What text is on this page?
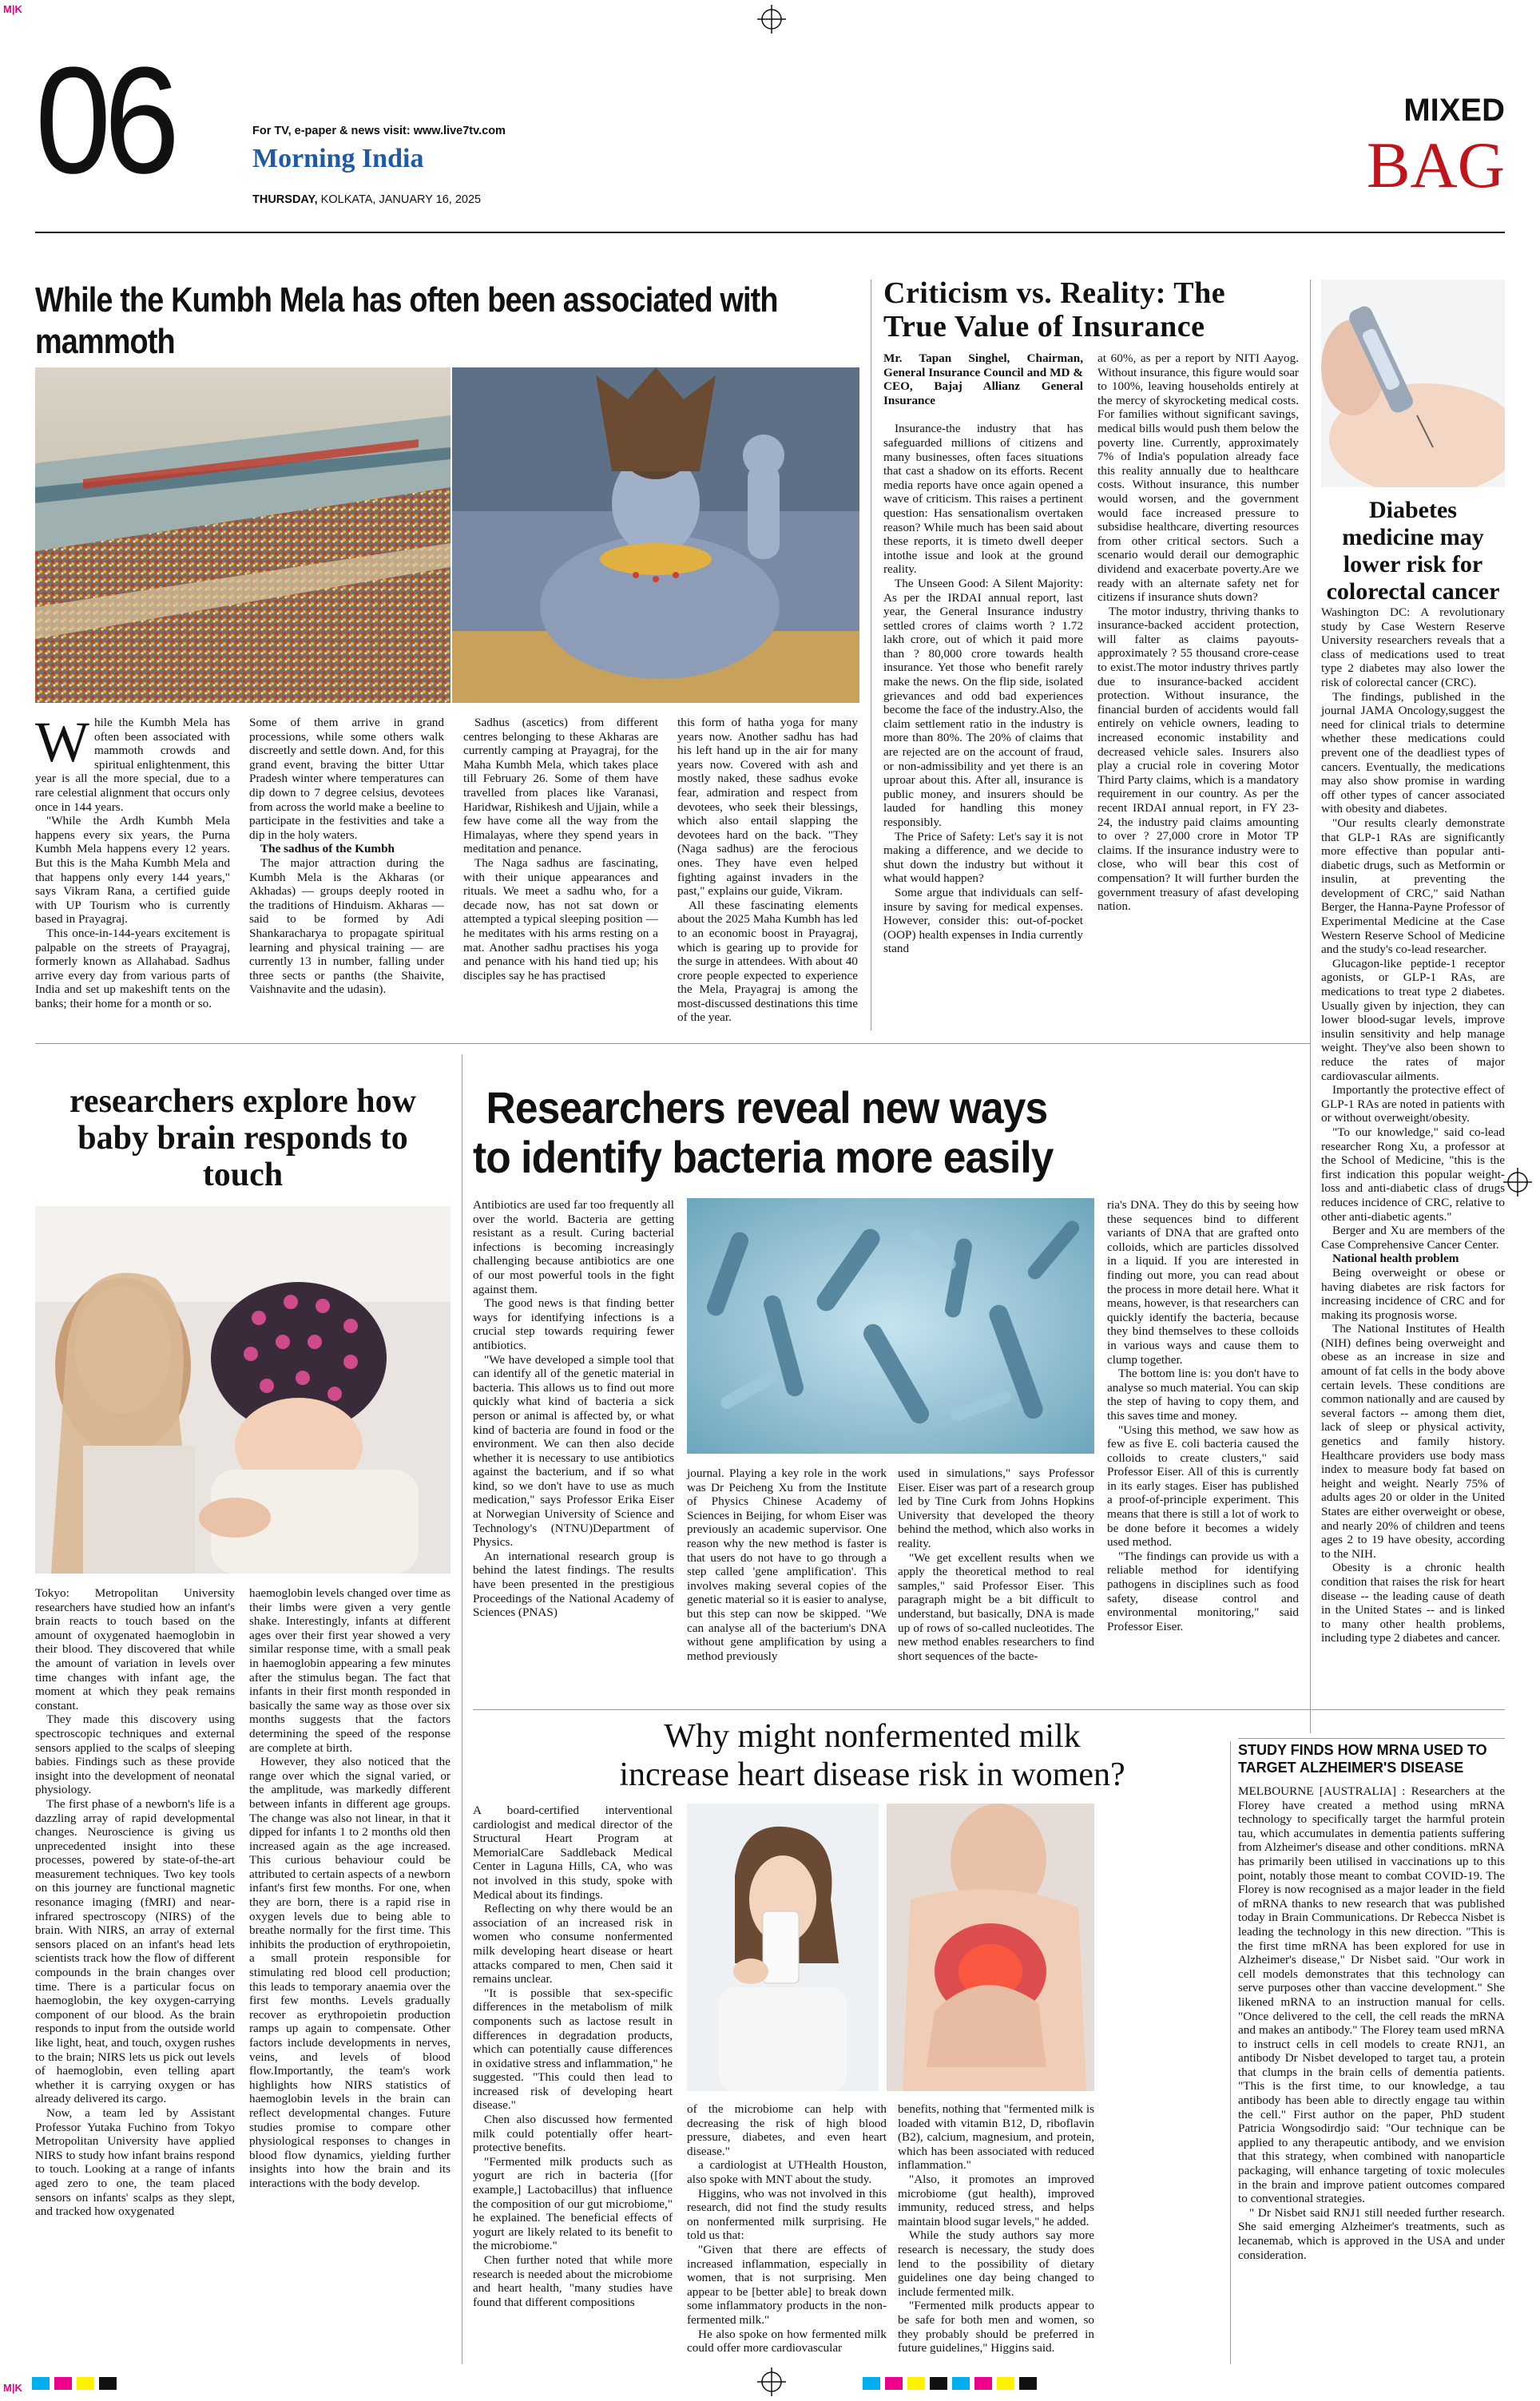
M|K
M|K
06	For TV, e-paper & news visit: www.live7tv.com
Morning India
THURSDAY, KOLKATA, JANUARY 16, 2025
MIXED
BAG
While the Kumbh Mela has often been associated with mammoth

While the Kumbh Mela has often been associated with mammoth crowds and spiritual enlightenment, this year is all the more special, due to a rare celestial alignment that occurs only once in 144 years.

"While the Ardh Kumbh Mela happens every six years, the Purna Kumbh Mela happens every 12 years. But this is the Maha Kumbh Mela and that happens only every 144 years," says Vikram Rana, a certified guide with UP Tourism who is currently based in Prayagraj.

This once-in-144-years excitement is palpable on the streets of Prayagraj, formerly known as Allahabad. Sadhus arrive every day from various parts of India and set up makeshift tents on the banks; their home for a month or so.

Some of them arrive in grand processions, while some others walk discreetly and settle down. And, for this grand event, braving the bitter Uttar Pradesh winter where temperatures can dip down to 7 degree celsius, devotees from across the world make a beeline to participate in the festivities and take a dip in the holy waters.

The sadhus of the Kumbh

The major attraction during the Kumbh Mela is the Akharas (or Akhadas) — groups deeply rooted in the traditions of Hinduism. Akharas — said to be formed by Adi Shankaracharya to propagate spiritual learning and physical training — are currently 13 in number, falling under three sects or panths (the Shaivite, Vaishnavite and the udasin).

Sadhus (ascetics) from different centres belonging to these Akharas are currently camping at Prayagraj, for the Maha Kumbh Mela, which takes place till February 26. Some of them have travelled from places like Varanasi, Haridwar, Rishikesh and Ujjain, while a few have come all the way from the Himalayas, where they spend years in meditation and penance.

The Naga sadhus are fascinating, with their unique appearances and rituals. We meet a sadhu who, for a decade now, has not sat down or attempted a typical sleeping position — he meditates with his arms resting on a mat. Another sadhu practises his yoga and penance with his hand tied up; his disciples say he has practised

this form of hatha yoga for many years now. Another sadhu has had his left hand up in the air for many years now. Covered with ash and mostly naked, these sadhus evoke fear, admiration and respect from devotees, who seek their blessings, which also entail slapping the devotees hard on the back. "They (Naga sadhus) are the ferocious ones. They have even helped fighting against invaders in the past," explains our guide, Vikram.

All these fascinating elements about the 2025 Maha Kumbh has led to an economic boost in Prayagraj, which is gearing up to provide for the surge in attendees. With about 40 crore people expected to experience the Mela, Prayagraj is among the most-discussed destinations this time of the year.

Criticism vs. Reality: The
True Value of Insurance

Mr. Tapan Singhel, Chairman, General Insurance Council and MD & CEO, Bajaj Allianz General Insurance

Insurance-the industry that has safeguarded millions of citizens and many businesses, often faces situations that cast a shadow on its efforts. Recent media reports have once again opened a wave of criticism. This raises a pertinent question: Has sensationalism overtaken reason? While much has been said about these reports, it is timeto dwell deeper intothe issue and look at the ground reality.

The Unseen Good: A Silent Majority: As per the IRDAI annual report, last year, the General Insurance industry settled crores of claims worth ? 1.72 lakh crore, out of which it paid more than ? 80,000 crore towards health insurance. Yet those who benefit rarely make the news. On the flip side, isolated grievances and odd bad experiences become the face of the industry.Also, the claim settlement ratio in the industry is more than 80%. The 20% of claims that are rejected are on the account of fraud, or non-admissibility and yet there is an uproar about this. After all, insurance is public money, and insurers should be lauded for handling this money responsibly.

The Price of Safety: Let's say it is not making a difference, and we decide to shut down the industry but without it what would happen?

Some argue that individuals can self-insure by saving for medical expenses. However, consider this: out-of-pocket (OOP) health expenses in India currently stand

at 60%, as per a report by NITI Aayog. Without insurance, this figure would soar to 100%, leaving households entirely at the mercy of skyrocketing medical costs. For families without significant savings, medical bills would push them below the poverty line. Currently, approximately 7% of India's population already face this reality annually due to healthcare costs. Without insurance, this number would worsen, and the government would face increased pressure to subsidise healthcare, diverting resources from other critical sectors. Such a scenario would derail our demographic dividend and exacerbate poverty.Are we ready with an alternate safety net for citizens if insurance shuts down?

The motor industry, thriving thanks to insurance-backed accident protection, will falter as claims payouts-approximately ? 55 thousand crore-cease to exist.The motor industry thrives partly due to insurance-backed accident protection. Without insurance, the financial burden of accidents would fall entirely on vehicle owners, leading to increased economic instability and decreased vehicle sales. Insurers also play a crucial role in covering Motor Third Party claims, which is a mandatory requirement in our country. As per the recent IRDAI annual report, in FY 23-24, the industry paid claims amounting to over ? 27,000 crore in Motor TP claims. If the insurance industry were to close, who will bear this cost of compensation? It will further burden the government treasury of afast developing nation.

Diabetes medicine may lower risk for colorectal cancer

Washington DC: A revolutionary study by Case Western Reserve University researchers reveals that a class of medications used to treat type 2 diabetes may also lower the risk of colorectal cancer (CRC).

The findings, published in the journal JAMA Oncology,suggest the need for clinical trials to determine whether these medications could prevent one of the deadliest types of cancers. Eventually, the medications may also show promise in warding off other types of cancer associated with obesity and diabetes.

"Our results clearly demonstrate that GLP-1 RAs are significantly more effective than popular anti-diabetic drugs, such as Metformin or insulin, at preventing the development of CRC," said Nathan Berger, the Hanna-Payne Professor of Experimental Medicine at the Case Western Reserve School of Medicine and the study's co-lead researcher.

Glucagon-like peptide-1 receptor agonists, or GLP-1 RAs, are medications to treat type 2 diabetes. Usually given by injection, they can lower blood-sugar levels, improve insulin sensitivity and help manage weight. They've also been shown to reduce the rates of major cardiovascular ailments.

Importantly the protective effect of GLP-1 RAs are noted in patients with or without overweight/obesity.

"To our knowledge," said co-lead researcher Rong Xu, a professor at the School of Medicine, "this is the first indication this popular weight-loss and anti-diabetic class of drugs reduces incidence of CRC, relative to other anti-diabetic agents."

Berger and Xu are members of the Case Comprehensive Cancer Center.

National health problem

Being overweight or obese or having diabetes are risk factors for increasing incidence of CRC and for making its prognosis worse.

The National Institutes of Health (NIH) defines being overweight and obese as an increase in size and amount of fat cells in the body above certain levels. These conditions are common nationally and are caused by several factors -- among them diet, lack of sleep or physical activity, genetics and family history. Healthcare providers use body mass index to measure body fat based on height and weight. Nearly 75% of adults ages 20 or older in the United States are either overweight or obese, and nearly 20% of children and teens ages 2 to 19 have obesity, according to the NIH.

Obesity is a chronic health condition that raises the risk for heart disease -- the leading cause of death in the United States -- and is linked to many other health problems, including type 2 diabetes and cancer.

researchers explore how baby brain responds to touch

Tokyo: Metropolitan University researchers have studied how an infant's brain reacts to touch based on the amount of oxygenated haemoglobin in their blood. They discovered that while the amount of variation in levels over time changes with infant age, the moment at which they peak remains constant.

They made this discovery using spectroscopic techniques and external sensors applied to the scalps of sleeping babies. Findings such as these provide insight into the development of neonatal physiology.

The first phase of a newborn's life is a dazzling array of rapid developmental changes. Neuroscience is giving us unprecedented insight into these processes, powered by state-of-the-art measurement techniques. Two key tools on this journey are functional magnetic resonance imaging (fMRI) and near-infrared spectroscopy (NIRS) of the brain. With NIRS, an array of external sensors placed on an infant's head lets scientists track how the flow of different compounds in the brain changes over time. There is a particular focus on haemoglobin, the key oxygen-carrying component of our blood. As the brain responds to input from the outside world like light, heat, and touch, oxygen rushes to the brain; NIRS lets us pick out levels of haemoglobin, even telling apart whether it is carrying oxygen or has already delivered its cargo.

Now, a team led by Assistant Professor Yutaka Fuchino from Tokyo Metropolitan University have applied NIRS to study how infant brains respond to touch. Looking at a range of infants aged zero to one, the team placed sensors on infants' scalps as they slept, and tracked how oxygenated

haemoglobin levels changed over time as their limbs were given a very gentle shake. Interestingly, infants at different ages over their first year showed a very similar response time, with a small peak in haemoglobin appearing a few minutes after the stimulus began. The fact that infants in their first month responded in basically the same way as those over six months suggests that the factors determining the speed of the response are complete at birth.

However, they also noticed that the range over which the signal varied, or the amplitude, was markedly different between infants in different age groups. The change was also not linear, in that it dipped for infants 1 to 2 months old then increased again as the age increased. This curious behaviour could be attributed to certain aspects of a newborn infant's first few months. For one, when they are born, there is a rapid rise in oxygen levels due to being able to breathe normally for the first time. This inhibits the production of erythropoietin, a small protein responsible for stimulating red blood cell production; this leads to temporary anaemia over the first few months. Levels gradually recover as erythropoietin production ramps up again to compensate. Other factors include developments in nerves, veins, and levels of blood flow.Importantly, the team's work highlights how NIRS statistics of haemoglobin levels in the brain can reflect developmental changes. Future studies promise to compare other physiological responses to changes in blood flow dynamics, yielding further insights into how the brain and its interactions with the body develop.

Researchers reveal new ways
to identify bacteria more easily

Antibiotics are used far too frequently all over the world. Bacteria are getting resistant as a result. Curing bacterial infections is becoming increasingly challenging because antibiotics are one of our most powerful tools in the fight against them.

The good news is that finding better ways for identifying infections is a crucial step towards requiring fewer antibiotics.

"We have developed a simple tool that can identify all of the genetic material in bacteria. This allows us to find out more quickly what kind of bacteria a sick person or animal is affected by, or what kind of bacteria are found in food or the environment. We can then also decide whether it is necessary to use antibiotics against the bacterium, and if so what kind, so we don't have to use as much medication," says Professor Erika Eiser at Norwegian University of Science and Technology's (NTNU)Department of Physics.

An international research group is behind the latest findings. The results have been presented in the prestigious Proceedings of the National Academy of Sciences (PNAS)

journal. Playing a key role in the work was Dr Peicheng Xu from the Institute of Physics Chinese Academy of Sciences in Beijing, for whom Eiser was previously an academic supervisor. One reason why the new method is faster is that users do not have to go through a step called 'gene amplification'. This involves making several copies of the genetic material so it is easier to analyse, but this step can now be skipped. "We can analyse all of the bacterium's DNA without gene amplification by using a method previously

used in simulations," says Professor Eiser. Eiser was part of a research group led by Tine Curk from Johns Hopkins University that developed the theory behind the method, which also works in reality.

"We get excellent results when we apply the theoretical method to real samples," said Professor Eiser. This paragraph might be a bit difficult to understand, but basically, DNA is made up of rows of so-called nucleotides. The new method enables researchers to find short sequences of the bacte-

ria's DNA. They do this by seeing how these sequences bind to different variants of DNA that are grafted onto colloids, which are particles dissolved in a liquid. If you are interested in finding out more, you can read about the process in more detail here. What it means, however, is that researchers can quickly identify the bacteria, because they bind themselves to these colloids in various ways and cause them to clump together.

The bottom line is: you don't have to analyse so much material. You can skip the step of having to copy them, and this saves time and money.

"Using this method, we saw how as few as five E. coli bacteria caused the colloids to create clusters," said Professor Eiser. All of this is currently in its early stages. Eiser has published a proof-of-principle experiment. This means that there is still a lot of work to be done before it becomes a widely used method.

"The findings can provide us with a reliable method for identifying pathogens in disciplines such as food safety, disease control and environmental monitoring," said Professor Eiser.

Why might nonfermented milk
increase heart disease risk in women?

A board-certified interventional cardiologist and medical director of the Structural Heart Program at MemorialCare Saddleback Medical Center in Laguna Hills, CA, who was not involved in this study, spoke with Medical about its findings.

Reflecting on why there would be an association of an increased risk in women who consume nonfermented milk developing heart disease or heart attacks compared to men, Chen said it remains unclear.

"It is possible that sex-specific differences in the metabolism of milk components such as lactose result in differences in degradation products, which can potentially cause differences in oxidative stress and inflammation," he suggested. "This could then lead to increased risk of developing heart disease."

Chen also discussed how fermented milk could potentially offer heart-protective benefits.

"Fermented milk products such as yogurt are rich in bacteria ([for example,] Lactobacillus) that influence the composition of our gut microbiome," he explained. The beneficial effects of yogurt are likely related to its benefit to the microbiome."

Chen further noted that while more research is needed about the microbiome and heart health, "many studies have found that different compositions

of the microbiome can help with decreasing the risk of high blood pressure, diabetes, and even heart disease."

a cardiologist at UTHealth Houston, also spoke with MNT about the study.

Higgins, who was not involved in this research, did not find the study results on nonfermented milk surprising. He told us that:

"Given that there are effects of increased inflammation, especially in women, that is not surprising. Men appear to be [better able] to break down some inflammatory products in the non-fermented milk."

He also spoke on how fermented milk could offer more cardiovascular

benefits, nothing that "fermented milk is loaded with vitamin B12, D, riboflavin (B2), calcium, magnesium, and protein, which has been associated with reduced inflammation."

"Also, it promotes an improved microbiome (gut health), improved immunity, reduced stress, and helps maintain blood sugar levels," he added.

While the study authors say more research is necessary, the study does lend to the possibility of dietary guidelines one day being changed to include fermented milk.

"Fermented milk products appear to be safe for both men and women, so they probably should be preferred in future guidelines," Higgins said.

STUDY FINDS HOW MRNA USED TO
TARGET ALZHEIMER'S DISEASE

MELBOURNE [AUSTRALIA] : Researchers at the Florey have created a method using mRNA technology to specifically target the harmful protein tau, which accumulates in dementia patients suffering from Alzheimer's disease and other conditions. mRNA has primarily been utilised in vaccinations up to this point, notably those meant to combat COVID-19. The Florey is now recognised as a major leader in the field of mRNA thanks to new research that was published today in Brain Communications. Dr Rebecca Nisbet is leading the technology in this new direction. "This is the first time mRNA has been explored for use in Alzheimer's disease," Dr Nisbet said. "Our work in cell models demonstrates that this technology can serve purposes other than vaccine development." She likened mRNA to an instruction manual for cells. "Once delivered to the cell, the cell reads the mRNA and makes an antibody." The Florey team used mRNA to instruct cells in cell models to create RNJ1, an antibody Dr Nisbet developed to target tau, a protein that clumps in the brain cells of dementia patients. "This is the first time, to our knowledge, a tau antibody has been able to directly engage tau within the cell." First author on the paper, PhD student Patricia Wongsodirdjo said: "Our technique can be applied to any therapeutic antibody, and we envision that this strategy, when combined with nanoparticle packaging, will enhance targeting of toxic molecules in the brain and improve patient outcomes compared to conventional strategies.

" Dr Nisbet said RNJ1 still needed further research. She said emerging Alzheimer's treatments, such as lecanemab, which is approved in the USA and under consideration.
